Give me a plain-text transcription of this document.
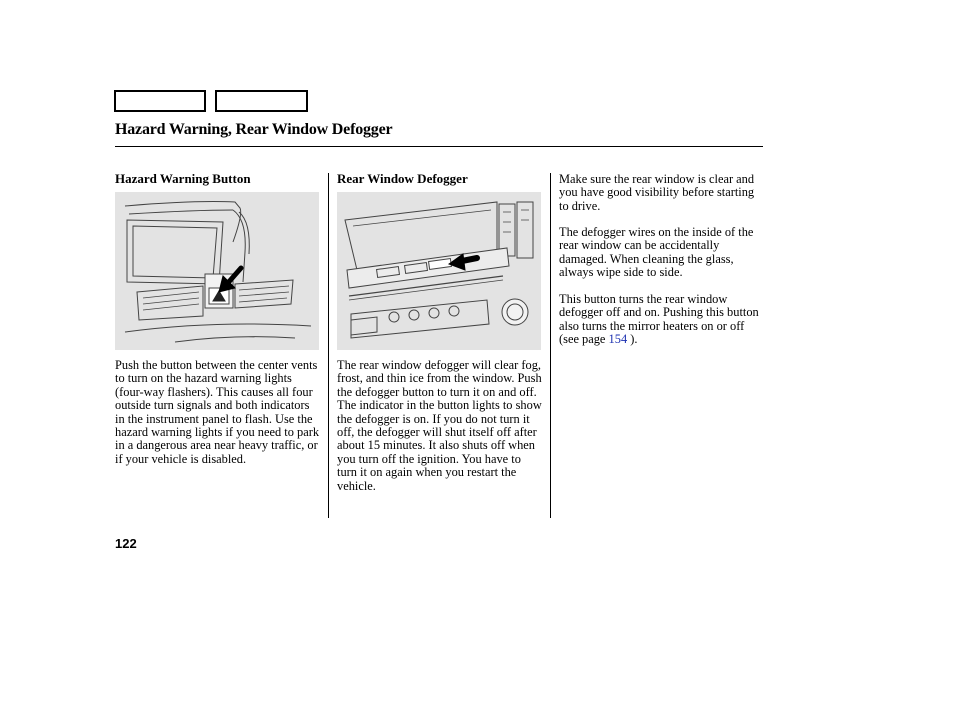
Hazard Warning, Rear Window Defogger
Hazard Warning Button
Push the button between the center vents to turn on the hazard warning lights (four-way flashers). This causes all four outside turn signals and both indicators in the instrument panel to flash. Use the hazard warning lights if you need to park in a dangerous area near heavy traffic, or if your vehicle is disabled.
Rear Window Defogger
The rear window defogger will clear fog, frost, and thin ice from the window. Push the defogger button to turn it on and off. The indicator in the button lights to show the defogger is on. If you do not turn it off, the defogger will shut itself off after about 15 minutes. It also shuts off when you turn off the ignition. You have to turn it on again when you restart the vehicle.
Make sure the rear window is clear and you have good visibility before starting to drive.
The defogger wires on the inside of the rear window can be accidentally damaged. When cleaning the glass, always wipe side to side.
This button turns the rear window defogger off and on. Pushing this button also turns the mirror heaters on or off (see page 154 ).
122
